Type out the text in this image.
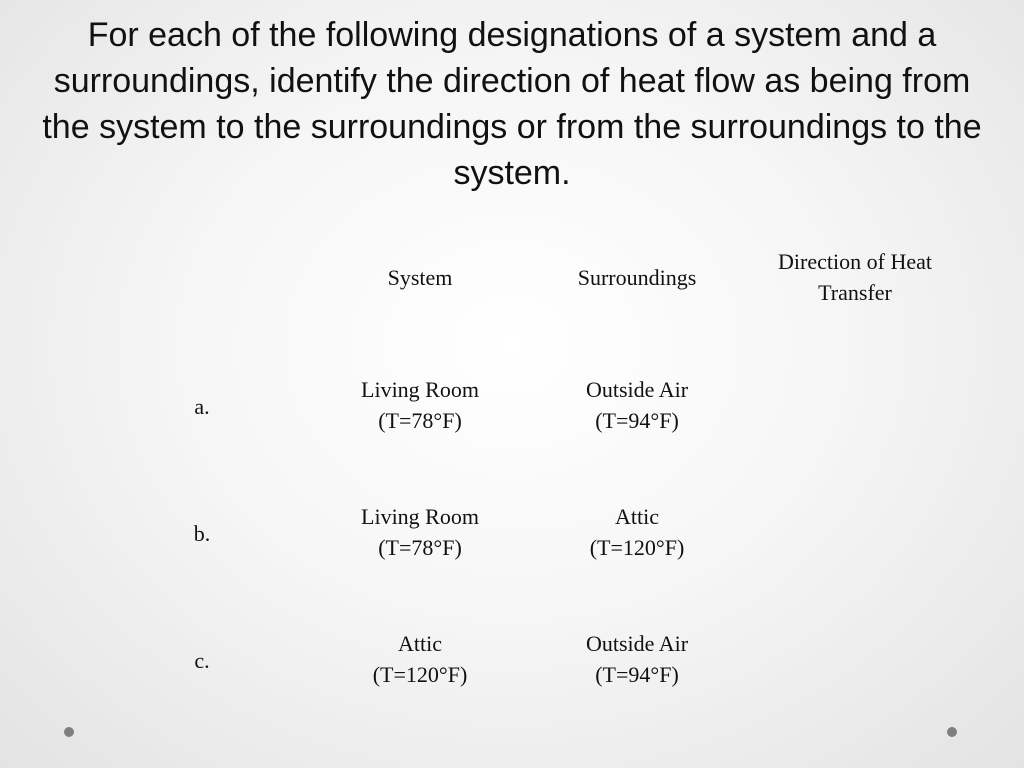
For each of the following designations of a system and a surroundings, identify the direction of heat flow as being from the system to the surroundings or from the surroundings to the system.
System	Surroundings
Direction of Heat
Transfer
a.
Living Room
(T=78°F)
Outside Air
(T=94°F)
b.
Living Room
(T=78°F)
Attic
(T=120°F)
c.
Attic
(T=120°F)
Outside Air
(T=94°F)
